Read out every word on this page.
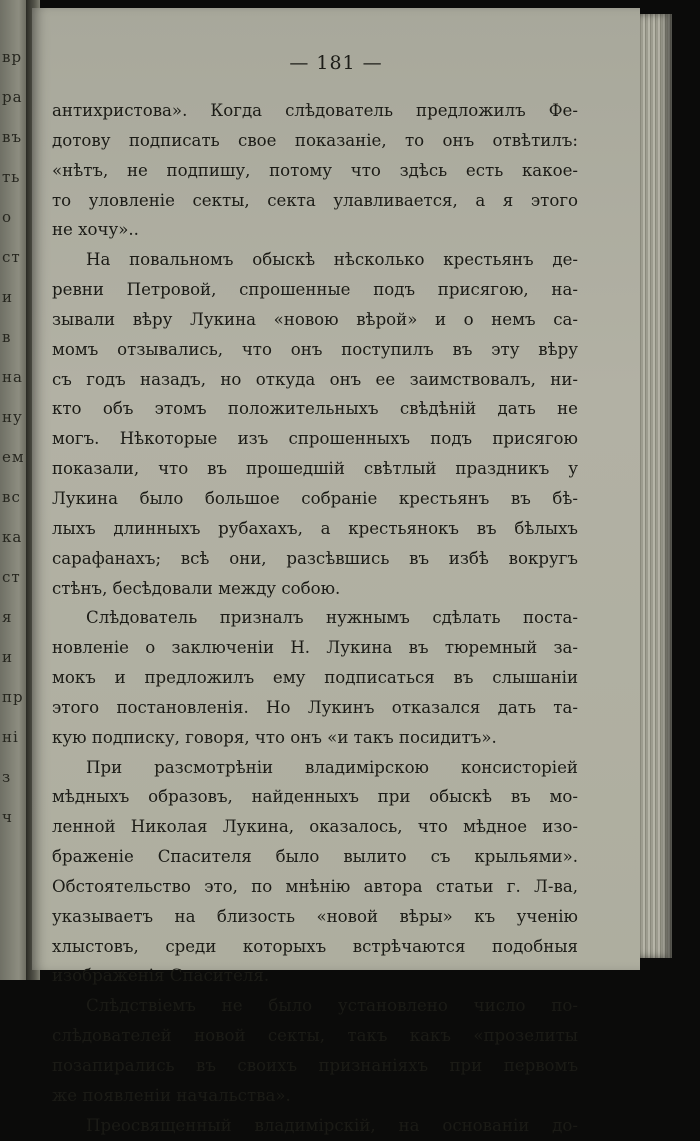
вр
ра
въ
ть
о
ст
и
в
на
ну
ем
вс
ка
ст
я
и
пр
ні
з
ч
— 181 —
антихристова». Когда слѣдователь предложилъ Фе-
дотову подписать свое показаніе, то онъ отвѣтилъ:
«нѣтъ, не подпишу, потому что здѣсь есть какое-
то уловленіе секты, секта улавливается, а я этого
не хочу»..
На повальномъ обыскѣ нѣсколько крестьянъ де-
ревни Петровой, спрошенные подъ присягою, на-
зывали вѣру Лукина «новою вѣрой» и о немъ са-
момъ отзывались, что онъ поступилъ въ эту вѣру
съ годъ назадъ, но откуда онъ ее заимствовалъ, ни-
кто объ этомъ положительныхъ свѣдѣній дать не
могъ. Нѣкоторые изъ спрошенныхъ подъ присягою
показали, что въ прошедшій свѣтлый праздникъ у
Лукина было большое собраніе крестьянъ въ бѣ-
лыхъ длинныхъ рубахахъ, а крестьянокъ въ бѣлыхъ
сарафанахъ; всѣ они, разсѣвшись въ избѣ вокругъ
стѣнъ, бесѣдовали между собою.
Слѣдователь призналъ нужнымъ сдѣлать поста-
новленіе о заключеніи Н. Лукина въ тюремный за-
мокъ и предложилъ ему подписаться въ слышаніи
этого постановленія. Но Лукинъ отказался дать та-
кую подписку, говоря, что онъ «и такъ посидитъ».
При разсмотрѣніи владимірскою консисторіей
мѣдныхъ образовъ, найденныхъ при обыскѣ въ мо-
ленной Николая Лукина, оказалось, что мѣдное изо-
браженіе Спасителя было вылито съ крыльями».
Обстоятельство это, по мнѣнію автора статьи г. Л-ва,
указываетъ на близость «новой вѣры» къ ученію
хлыстовъ, среди которыхъ встрѣчаются подобныя
изображенія Спасителя.
Слѣдствіемъ не было установлено число по-
слѣдователей новой секты, такъ какъ «прозелиты
позапирались въ своихъ признаніяхъ при первомъ
же появленіи начальства».
Преосвященный владимірскій, на основаніи до-
